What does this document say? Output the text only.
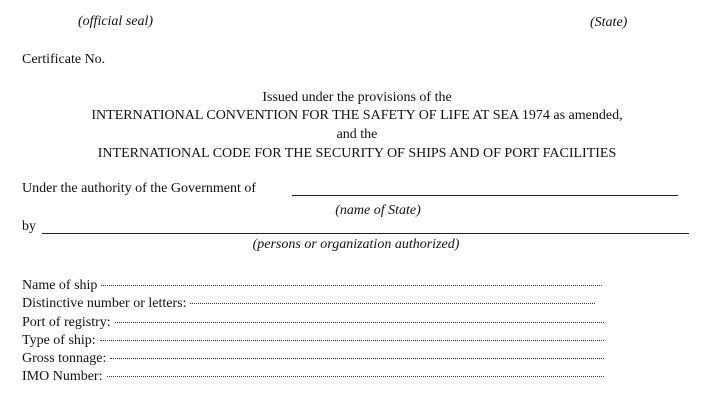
(official seal)	(State)
Certificate No.
Issued under the provisions of the
INTERNATIONAL CONVENTION FOR THE SAFETY OF LIFE AT SEA 1974 as amended,
and the
INTERNATIONAL CODE FOR THE SECURITY OF SHIPS AND OF PORT FACILITIES
Under the authority of the Government of
(name of State)
by
(persons or organization authorized)
Name of ship
Distinctive number or letters:
Port of registry:
Type of ship:
Gross tonnage:
IMO Number:
